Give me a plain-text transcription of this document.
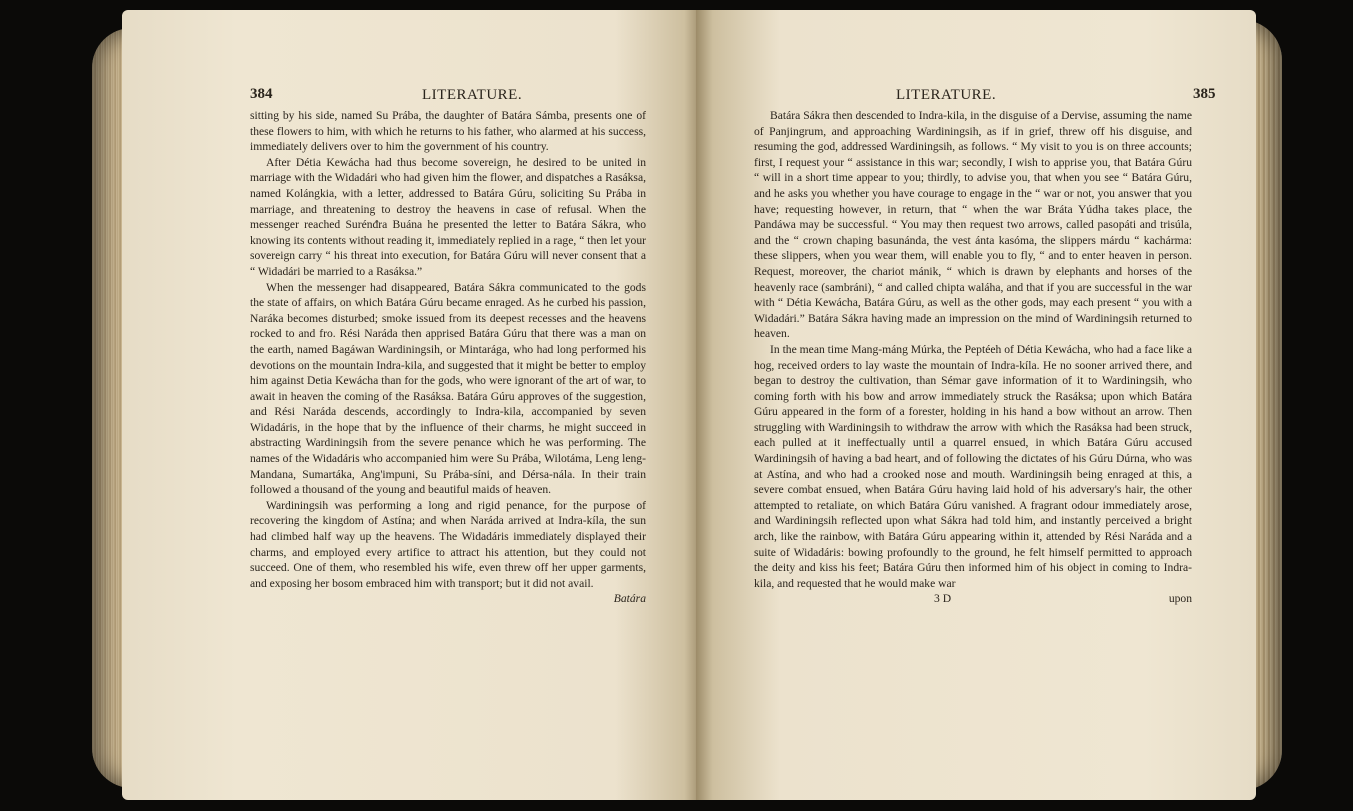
384	LITERATURE.

sitting by his side, named Su Prába, the daughter of Batára Sámba, presents one of these flowers to him, with which he returns to his father, who alarmed at his success, immediately delivers over to him the government of his country.

After Détia Kewácha had thus become sovereign, he desired to be united in marriage with the Widadári who had given him the flower, and dispatches a Rasáksa, named Kolángkia, with a letter, addressed to Batára Gúru, soliciting Su Prába in marriage, and threatening to destroy the heavens in case of refusal. When the messenger reached Surénđra Buána he presented the letter to Batára Sákra, who knowing its contents without reading it, immediately replied in a rage, “ then let your sovereign carry “ his threat into execution, for Batára Gúru will never consent that a “ Widadári be married to a Rasáksa.”

When the messenger had disappeared, Batára Sákra communicated to the gods the state of affairs, on which Batára Gúru became enraged. As he curbed his passion, Naráka becomes disturbed; smoke issued from its deepest recesses and the heavens rocked to and fro. Rési Naráda then apprised Batára Gúru that there was a man on the earth, named Bagáwan Wardiningsih, or Mintarága, who had long performed his devotions on the mountain Indra-kila, and suggested that it might be better to employ him against Detia Kewácha than for the gods, who were ignorant of the art of war, to await in heaven the coming of the Rasáksa. Batára Gúru approves of the suggestion, and Rési Naráda descends, accordingly to Indra-kila, accompanied by seven Widadáris, in the hope that by the influence of their charms, he might succeed in abstracting Wardiningsih from the severe penance which he was performing. The names of the Widadáris who accompanied him were Su Prába, Wilotáma, Leng leng-Mandana, Sumartáka, Ang'impuni, Su Prába-síni, and Dérsa-nála. In their train followed a thousand of the young and beautiful maids of heaven.

Wardiningsih was performing a long and rigid penance, for the purpose of recovering the kingdom of Astína; and when Naráda arrived at Indra-kíla, the sun had climbed half way up the heavens. The Widadáris immediately displayed their charms, and employed every artifice to attract his attention, but they could not succeed. One of them, who resembled his wife, even threw off her upper garments, and exposing her bosom embraced him with transport; but it did not avail.

Batára
LITERATURE.	385

Batára Sákra then descended to Indra-kila, in the disguise of a Dervise, assuming the name of Panjingrum, and approaching Wardiningsih, as if in grief, threw off his disguise, and resuming the god, addressed Wardiningsih, as follows. “ My visit to you is on three accounts; first, I request your “ assistance in this war; secondly, I wish to apprise you, that Batára Gúru “ will in a short time appear to you; thirdly, to advise you, that when you see “ Batára Gúru, and he asks you whether you have courage to engage in the “ war or not, you answer that you have; requesting however, in return, that “ when the war Bráta Yúdha takes place, the Pandáwa may be successful. “ You may then request two arrows, called pasopáti and trisúla, and the “ crown chaping basunánda, the vest ánta kasóma, the slippers márdu “ kachárma: these slippers, when you wear them, will enable you to fly, “ and to enter heaven in person. Request, moreover, the chariot mánik, “ which is drawn by elephants and horses of the heavenly race (sambráni), “ and called chipta waláha, and that if you are successful in the war with “ Détia Kewácha, Batára Gúru, as well as the other gods, may each present “ you with a Widadári.” Batára Sákra having made an impression on the mind of Wardiningsih returned to heaven.

In the mean time Mang-máng Múrka, the Peptéeh of Détia Kewácha, who had a face like a hog, received orders to lay waste the mountain of Indra-kíla. He no sooner arrived there, and began to destroy the cultivation, than Sémar gave information of it to Wardiningsih, who coming forth with his bow and arrow immediately struck the Rasáksa; upon which Batára Gúru appeared in the form of a forester, holding in his hand a bow without an arrow. Then struggling with Wardiningsih to withdraw the arrow with which the Rasáksa had been struck, each pulled at it ineffectually until a quarrel ensued, in which Batára Gúru accused Wardiningsih of having a bad heart, and of following the dictates of his Gúru Dúrna, who was at Astína, and who had a crooked nose and mouth. Wardiningsih being enraged at this, a severe combat ensued, when Batára Gúru having laid hold of his adversary's hair, the other attempted to retaliate, on which Batára Gúru vanished. A fragrant odour immediately arose, and Wardiningsih reflected upon what Sákra had told him, and instantly perceived a bright arch, like the rainbow, with Batára Gúru appearing within it, attended by Rési Naráda and a suite of Widadáris: bowing profoundly to the ground, he felt himself permitted to approach the deity and kiss his feet; Batára Gúru then informed him of his object in coming to Indra-kila, and requested that he would make war

3 D	upon
